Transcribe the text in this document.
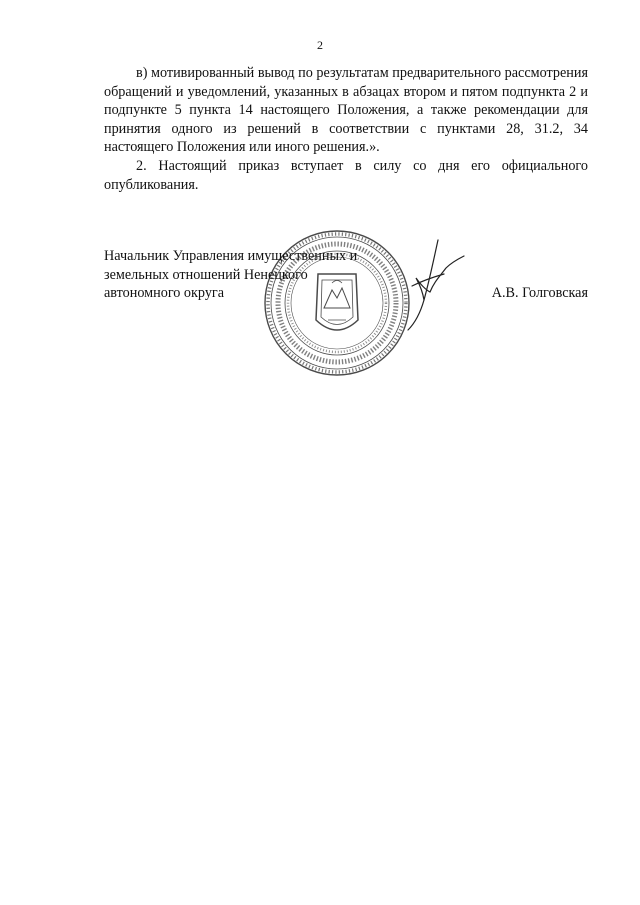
2

в) мотивированный вывод по результатам предварительного рассмотрения обращений и уведомлений, указанных в абзацах втором и пятом подпункта 2 и подпункте 5 пункта 14 настоящего Положения, а также рекомендации для принятия одного из решений в соответствии с пунктами 28, 31.2, 34 настоящего Положения или иного решения.».

2. Настоящий приказ вступает в силу со дня его официального опубликования.

Начальник Управления имущественных и
земельных отношений Ненецкого
автономного округа	А.В. Голговская
